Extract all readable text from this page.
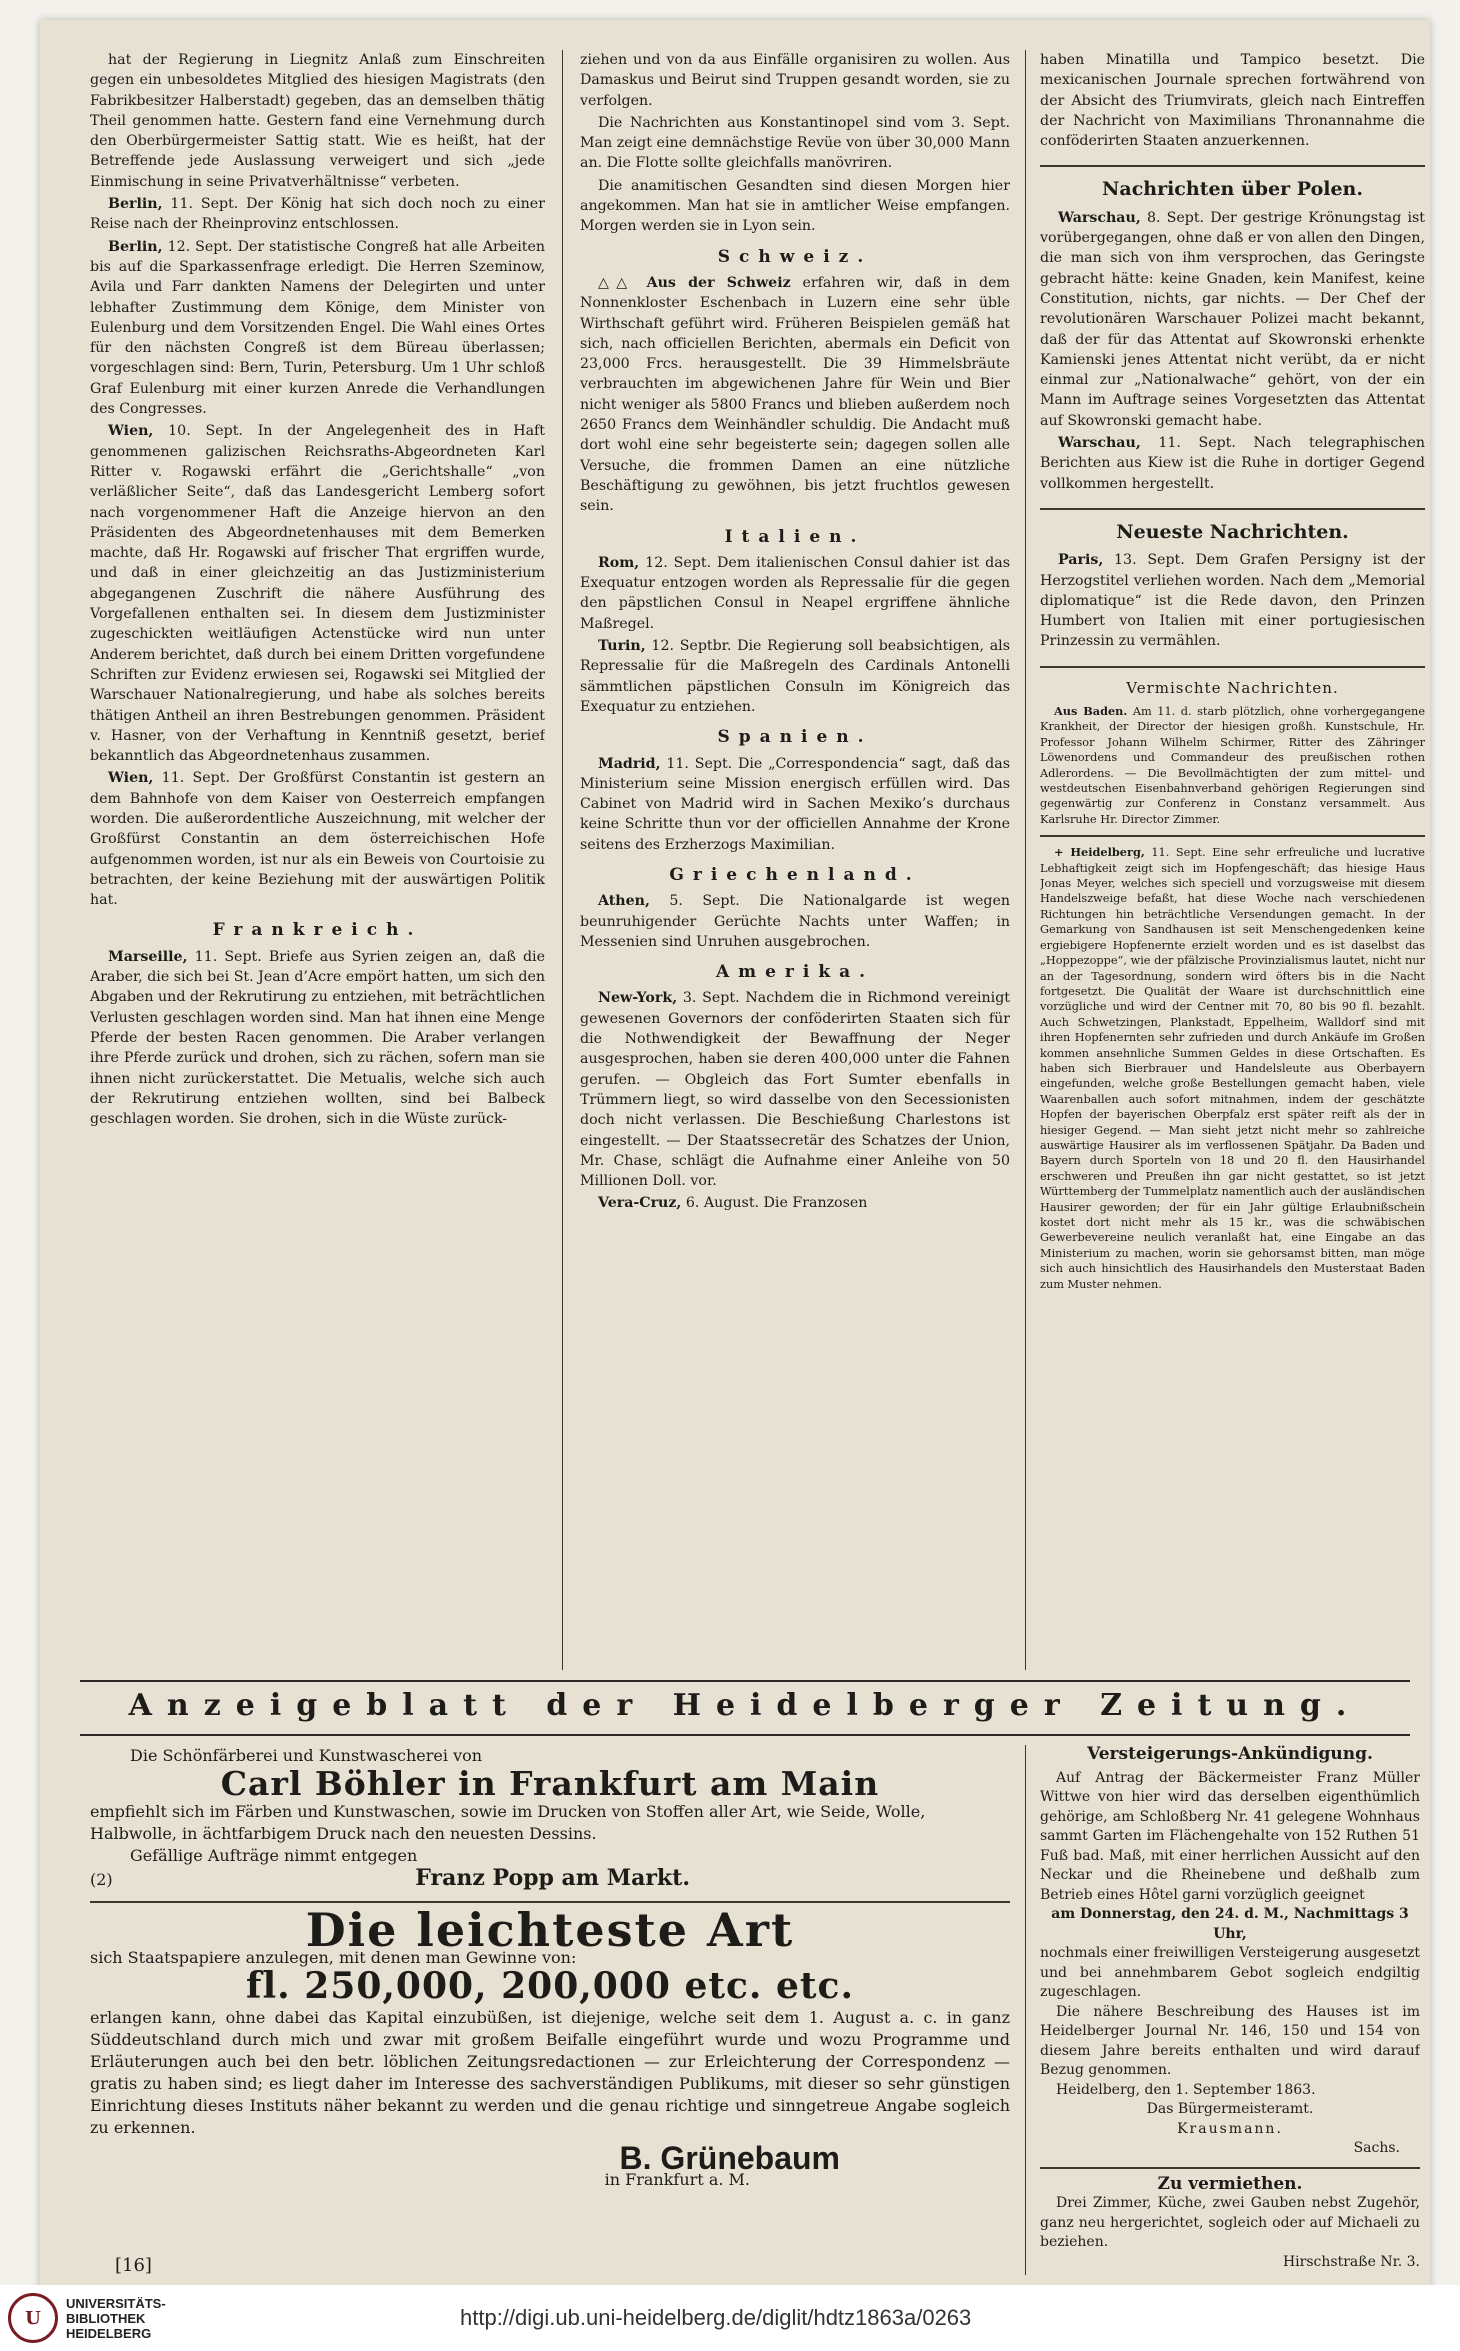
hat der Regierung in Liegnitz Anlaß zum Einschreiten gegen ein unbesoldetes Mitglied des hiesigen Magistrats (den Fabrikbesitzer Halberstadt) gegeben, das an demselben thätig Theil genommen hatte. Gestern fand eine Vernehmung durch den Oberbürgermeister Sattig statt. Wie es heißt, hat der Betreffende jede Auslassung verweigert und sich „jede Einmischung in seine Privatverhältnisse“ verbeten.

Berlin, 11. Sept. Der König hat sich doch noch zu einer Reise nach der Rheinprovinz entschlossen.

Berlin, 12. Sept. Der statistische Congreß hat alle Arbeiten bis auf die Sparkassenfrage erledigt. Die Herren Szeminow, Avila und Farr dankten Namens der Delegirten und unter lebhafter Zustimmung dem Könige, dem Minister von Eulenburg und dem Vorsitzenden Engel. Die Wahl eines Ortes für den nächsten Congreß ist dem Büreau überlassen; vorgeschlagen sind: Bern, Turin, Petersburg. Um 1 Uhr schloß Graf Eulenburg mit einer kurzen Anrede die Verhandlungen des Congresses.

Wien, 10. Sept. In der Angelegenheit des in Haft genommenen galizischen Reichsraths-Abgeordneten Karl Ritter v. Rogawski erfährt die „Gerichtshalle“ „von verläßlicher Seite“, daß das Landesgericht Lemberg sofort nach vorgenommener Haft die Anzeige hiervon an den Präsidenten des Abgeordnetenhauses mit dem Bemerken machte, daß Hr. Rogawski auf frischer That ergriffen wurde, und daß in einer gleichzeitig an das Justizministerium abgegangenen Zuschrift die nähere Ausführung des Vorgefallenen enthalten sei. In diesem dem Justizminister zugeschickten weitläufigen Actenstücke wird nun unter Anderem berichtet, daß durch bei einem Dritten vorgefundene Schriften zur Evidenz erwiesen sei, Rogawski sei Mitglied der Warschauer Nationalregierung, und habe als solches bereits thätigen Antheil an ihren Bestrebungen genommen. Präsident v. Hasner, von der Verhaftung in Kenntniß gesetzt, berief bekanntlich das Abgeordnetenhaus zusammen.

Wien, 11. Sept. Der Großfürst Constantin ist gestern an dem Bahnhofe von dem Kaiser von Oesterreich empfangen worden. Die außerordentliche Auszeichnung, mit welcher der Großfürst Constantin an dem österreichischen Hofe aufgenommen worden, ist nur als ein Beweis von Courtoisie zu betrachten, der keine Beziehung mit der auswärtigen Politik hat.

Frankreich.

Marseille, 11. Sept. Briefe aus Syrien zeigen an, daß die Araber, die sich bei St. Jean d’Acre empört hatten, um sich den Abgaben und der Rekrutirung zu entziehen, mit beträchtlichen Verlusten geschlagen worden sind. Man hat ihnen eine Menge Pferde der besten Racen genommen. Die Araber verlangen ihre Pferde zurück und drohen, sich zu rächen, sofern man sie ihnen nicht zurückerstattet. Die Metualis, welche sich auch der Rekrutirung entziehen wollten, sind bei Balbeck geschlagen worden. Sie drohen, sich in die Wüste zurück-

ziehen und von da aus Einfälle organisiren zu wollen. Aus Damaskus und Beirut sind Truppen gesandt worden, sie zu verfolgen.

Die Nachrichten aus Konstantinopel sind vom 3. Sept. Man zeigt eine demnächstige Revüe von über 30,000 Mann an. Die Flotte sollte gleichfalls manövriren.

Die anamitischen Gesandten sind diesen Morgen hier angekommen. Man hat sie in amtlicher Weise empfangen. Morgen werden sie in Lyon sein.

Schweiz.

△△ Aus der Schweiz erfahren wir, daß in dem Nonnenkloster Eschenbach in Luzern eine sehr üble Wirthschaft geführt wird. Früheren Beispielen gemäß hat sich, nach officiellen Berichten, abermals ein Deficit von 23,000 Frcs. herausgestellt. Die 39 Himmelsbräute verbrauchten im abgewichenen Jahre für Wein und Bier nicht weniger als 5800 Francs und blieben außerdem noch 2650 Francs dem Weinhändler schuldig. Die Andacht muß dort wohl eine sehr begeisterte sein; dagegen sollen alle Versuche, die frommen Damen an eine nützliche Beschäftigung zu gewöhnen, bis jetzt fruchtlos gewesen sein.

Italien.

Rom, 12. Sept. Dem italienischen Consul dahier ist das Exequatur entzogen worden als Repressalie für die gegen den päpstlichen Consul in Neapel ergriffene ähnliche Maßregel.

Turin, 12. Septbr. Die Regierung soll beabsichtigen, als Repressalie für die Maßregeln des Cardinals Antonelli sämmtlichen päpstlichen Consuln im Königreich das Exequatur zu entziehen.

Spanien.

Madrid, 11. Sept. Die „Correspondencia“ sagt, daß das Ministerium seine Mission energisch erfüllen wird. Das Cabinet von Madrid wird in Sachen Mexiko’s durchaus keine Schritte thun vor der officiellen Annahme der Krone seitens des Erzherzogs Maximilian.

Griechenland.

Athen, 5. Sept. Die Nationalgarde ist wegen beunruhigender Gerüchte Nachts unter Waffen; in Messenien sind Unruhen ausgebrochen.

Amerika.

New-York, 3. Sept. Nachdem die in Richmond vereinigt gewesenen Governors der conföderirten Staaten sich für die Nothwendigkeit der Bewaffnung der Neger ausgesprochen, haben sie deren 400,000 unter die Fahnen gerufen. — Obgleich das Fort Sumter ebenfalls in Trümmern liegt, so wird dasselbe von den Secessionisten doch nicht verlassen. Die Beschießung Charlestons ist eingestellt. — Der Staatssecretär des Schatzes der Union, Mr. Chase, schlägt die Aufnahme einer Anleihe von 50 Millionen Doll. vor.

Vera-Cruz, 6. August. Die Franzosen

haben Minatilla und Tampico besetzt. Die mexicanischen Journale sprechen fortwährend von der Absicht des Triumvirats, gleich nach Eintreffen der Nachricht von Maximilians Thronannahme die conföderirten Staaten anzuerkennen.

Nachrichten über Polen.

Warschau, 8. Sept. Der gestrige Krönungstag ist vorübergegangen, ohne daß er von allen den Dingen, die man sich von ihm versprochen, das Geringste gebracht hätte: keine Gnaden, kein Manifest, keine Constitution, nichts, gar nichts. — Der Chef der revolutionären Warschauer Polizei macht bekannt, daß der für das Attentat auf Skowronski erhenkte Kamienski jenes Attentat nicht verübt, da er nicht einmal zur „Nationalwache“ gehört, von der ein Mann im Auftrage seines Vorgesetzten das Attentat auf Skowronski gemacht habe.

Warschau, 11. Sept. Nach telegraphischen Berichten aus Kiew ist die Ruhe in dortiger Gegend vollkommen hergestellt.

Neueste Nachrichten.

Paris, 13. Sept. Dem Grafen Persigny ist der Herzogstitel verliehen worden. Nach dem „Memorial diplomatique“ ist die Rede davon, den Prinzen Humbert von Italien mit einer portugiesischen Prinzessin zu vermählen.

Vermischte Nachrichten.

Aus Baden. Am 11. d. starb plötzlich, ohne vorhergegangene Krankheit, der Director der hiesigen großh. Kunstschule, Hr. Professor Johann Wilhelm Schirmer, Ritter des Zähringer Löwenordens und Commandeur des preußischen rothen Adlerordens. — Die Bevollmächtigten der zum mittel- und westdeutschen Eisenbahnverband gehörigen Regierungen sind gegenwärtig zur Conferenz in Constanz versammelt. Aus Karlsruhe Hr. Director Zimmer.

+ Heidelberg, 11. Sept. Eine sehr erfreuliche und lucrative Lebhaftigkeit zeigt sich im Hopfengeschäft; das hiesige Haus Jonas Meyer, welches sich speciell und vorzugsweise mit diesem Handelszweige befaßt, hat diese Woche nach verschiedenen Richtungen hin beträchtliche Versendungen gemacht. In der Gemarkung von Sandhausen ist seit Menschengedenken keine ergiebigere Hopfenernte erzielt worden und es ist daselbst das „Hoppezoppe“, wie der pfälzische Provinzialismus lautet, nicht nur an der Tagesordnung, sondern wird öfters bis in die Nacht fortgesetzt. Die Qualität der Waare ist durchschnittlich eine vorzügliche und wird der Centner mit 70, 80 bis 90 fl. bezahlt. Auch Schwetzingen, Plankstadt, Eppelheim, Walldorf sind mit ihren Hopfenernten sehr zufrieden und durch Ankäufe im Großen kommen ansehnliche Summen Geldes in diese Ortschaften. Es haben sich Bierbrauer und Handelsleute aus Oberbayern eingefunden, welche große Bestellungen gemacht haben, viele Waarenballen auch sofort mitnahmen, indem der geschätzte Hopfen der bayerischen Oberpfalz erst später reift als der in hiesiger Gegend. — Man sieht jetzt nicht mehr so zahlreiche auswärtige Hausirer als im verflossenen Spätjahr. Da Baden und Bayern durch Sporteln von 18 und 20 fl. den Hausirhandel erschweren und Preußen ihn gar nicht gestattet, so ist jetzt Württemberg der Tummelplatz namentlich auch der ausländischen Hausirer geworden; der für ein Jahr gültige Erlaubnißschein kostet dort nicht mehr als 15 kr., was die schwäbischen Gewerbevereine neulich veranlaßt hat, eine Eingabe an das Ministerium zu machen, worin sie gehorsamst bitten, man möge sich auch hinsichtlich des Hausirhandels den Musterstaat Baden zum Muster nehmen.

Anzeigeblatt der Heidelberger Zeitung.
Die Schönfärberei und Kunstwascherei von
Carl Böhler in Frankfurt am Main
empfiehlt sich im Färben und Kunstwaschen, sowie im Drucken von Stoffen aller Art, wie Seide, Wolle, Halbwolle, in ächtfarbigem Druck nach den neuesten Dessins.
Gefällige Aufträge nimmt entgegen
(2)	Franz Popp am Markt.
Die leichteste Art
sich Staatspapiere anzulegen, mit denen man Gewinne von:
fl. 250,000, 200,000 etc. etc.
erlangen kann, ohne dabei das Kapital einzubüßen, ist diejenige, welche seit dem 1. August a. c. in ganz Süddeutschland durch mich und zwar mit großem Beifalle eingeführt wurde und wozu Programme und Erläuterungen auch bei den betr. löblichen Zeitungsredactionen — zur Erleichterung der Correspondenz — gratis zu haben sind; es liegt daher im Interesse des sachverständigen Publikums, mit dieser so sehr günstigen Einrichtung dieses Instituts näher bekannt zu werden und die genau richtige und sinngetreue Angabe sogleich zu erkennen.
B. Grünebaum
in Frankfurt a. M.
[16]
Versteigerungs-Ankündigung.
Auf Antrag der Bäckermeister Franz Müller Wittwe von hier wird das derselben eigenthümlich gehörige, am Schloßberg Nr. 41 gelegene Wohnhaus sammt Garten im Flächengehalte von 152 Ruthen 51 Fuß bad. Maß, mit einer herrlichen Aussicht auf den Neckar und die Rheinebene und deßhalb zum Betrieb eines Hôtel garni vorzüglich geeignet
am Donnerstag, den 24. d. M., Nachmittags 3 Uhr,
nochmals einer freiwilligen Versteigerung ausgesetzt und bei annehmbarem Gebot sogleich endgiltig zugeschlagen.
Die nähere Beschreibung des Hauses ist im Heidelberger Journal Nr. 146, 150 und 154 von diesem Jahre bereits enthalten und wird darauf Bezug genommen.
Heidelberg, den 1. September 1863.
Das Bürgermeisteramt.
Krausmann.
Sachs.
Zu vermiethen.
Drei Zimmer, Küche, zwei Gauben nebst Zugehör, ganz neu hergerichtet, sogleich oder auf Michaeli zu beziehen.
Hirschstraße Nr. 3.
U
UNIVERSITÄTS-
BIBLIOTHEK
HEIDELBERG
http://digi.ub.uni-heidelberg.de/diglit/hdtz1863a/0263
